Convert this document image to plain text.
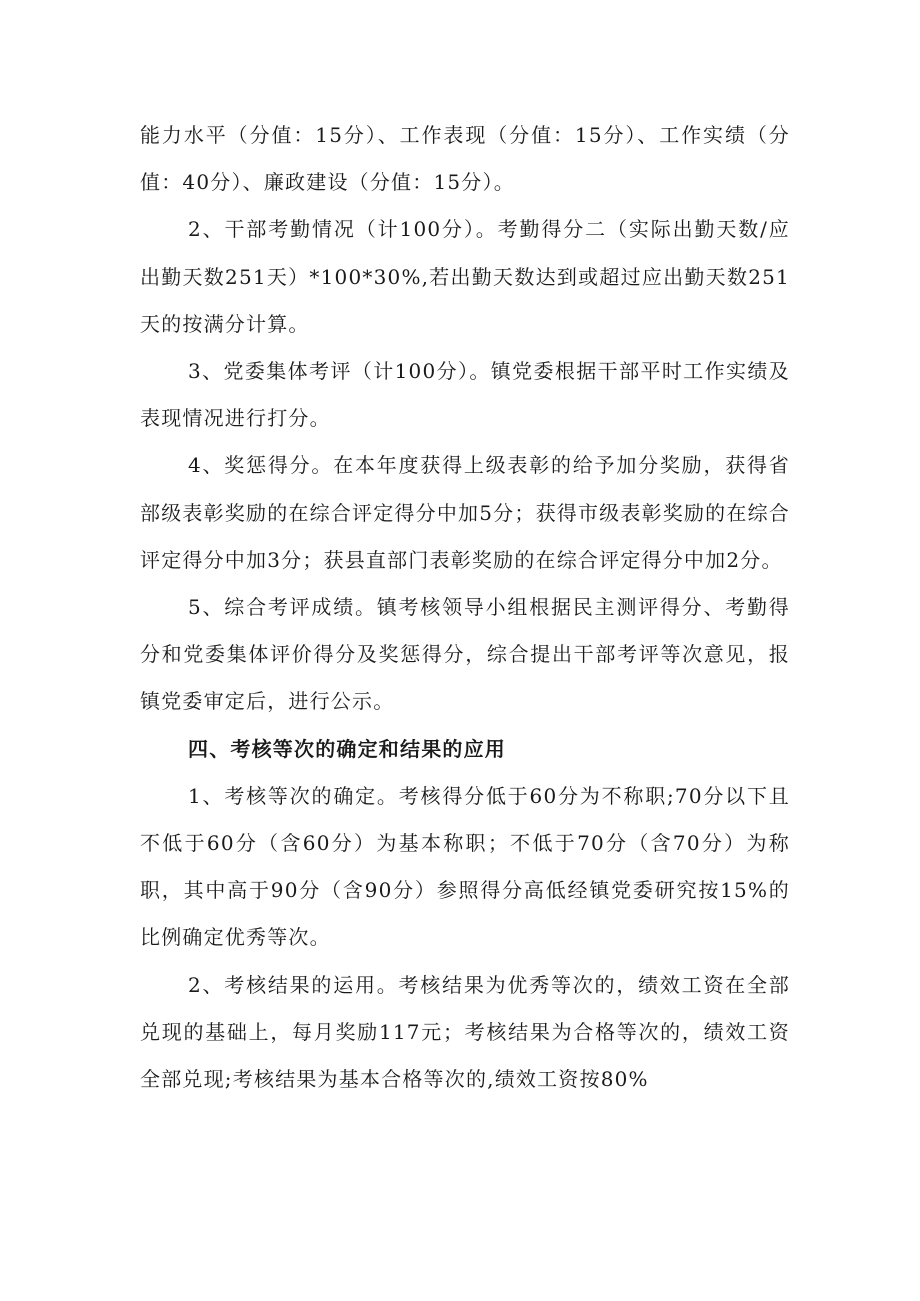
能力水平（分值：15分）、工作表现（分值：15分）、工作实绩（分值：40分）、廉政建设（分值：15分）。

2、干部考勤情况（计100分）。考勤得分二（实际出勤天数/应出勤天数251天）*100*30%,若出勤天数达到或超过应出勤天数251天的按满分计算。

3、党委集体考评（计100分）。镇党委根据干部平时工作实绩及表现情况进行打分。

4、奖惩得分。在本年度获得上级表彰的给予加分奖励，获得省部级表彰奖励的在综合评定得分中加5分；获得市级表彰奖励的在综合评定得分中加3分；获县直部门表彰奖励的在综合评定得分中加2分。

5、综合考评成绩。镇考核领导小组根据民主测评得分、考勤得分和党委集体评价得分及奖惩得分，综合提出干部考评等次意见，报镇党委审定后，进行公示。

四、考核等次的确定和结果的应用

1、考核等次的确定。考核得分低于60分为不称职;70分以下且不低于60分（含60分）为基本称职；不低于70分（含70分）为称职，其中高于90分（含90分）参照得分高低经镇党委研究按15%的比例确定优秀等次。

2、考核结果的运用。考核结果为优秀等次的，绩效工资在全部兑现的基础上，每月奖励117元；考核结果为合格等次的，绩效工资全部兑现;考核结果为基本合格等次的,绩效工资按80%
